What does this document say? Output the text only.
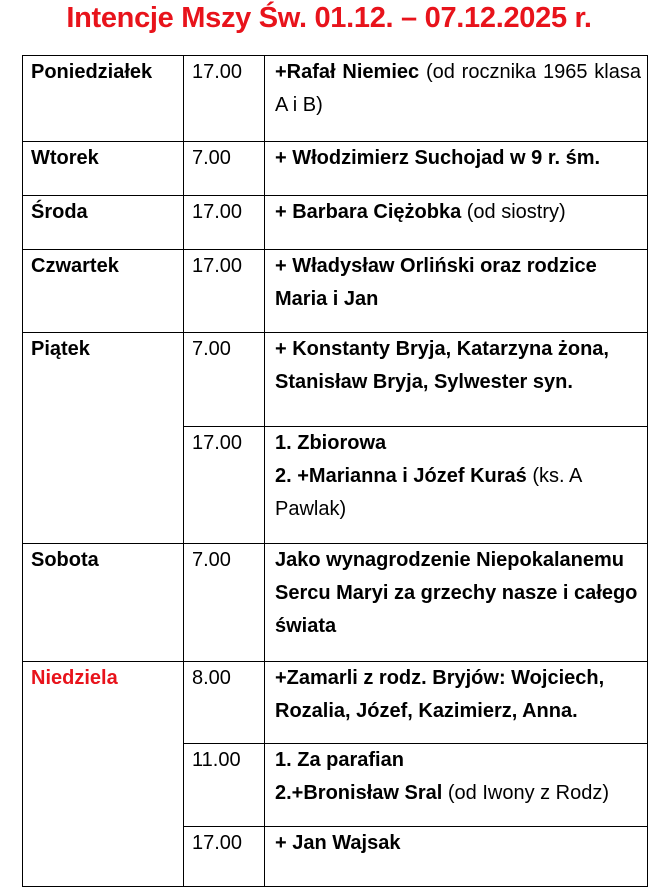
Intencje Mszy Św. 01.12. – 07.12.2025 r.
Poniedziałek	17.00	+Rafał Niemiec (od rocznika 1965 klasa A i B)
Wtorek	7.00	+ Włodzimierz Suchojad w 9 r. śm.
Środa	17.00	+ Barbara Ciężobka (od siostry)
Czwartek	17.00	+ Władysław Orliński oraz rodzice Maria i Jan
Piątek	7.00	+ Konstanty Bryja, Katarzyna żona, Stanisław Bryja, Sylwester syn.
	17.00	1. Zbiorowa
2. +Marianna i Józef Kuraś (ks. A Pawlak)
Sobota	7.00	Jako wynagrodzenie Niepokalanemu Sercu Maryi za grzechy nasze i całego świata
Niedziela	8.00	+Zamarli z rodz. Bryjów: Wojciech, Rozalia, Józef, Kazimierz, Anna.
	11.00	1. Za parafian
2.+Bronisław Sral (od Iwony z Rodz)
	17.00	+ Jan Wajsak
